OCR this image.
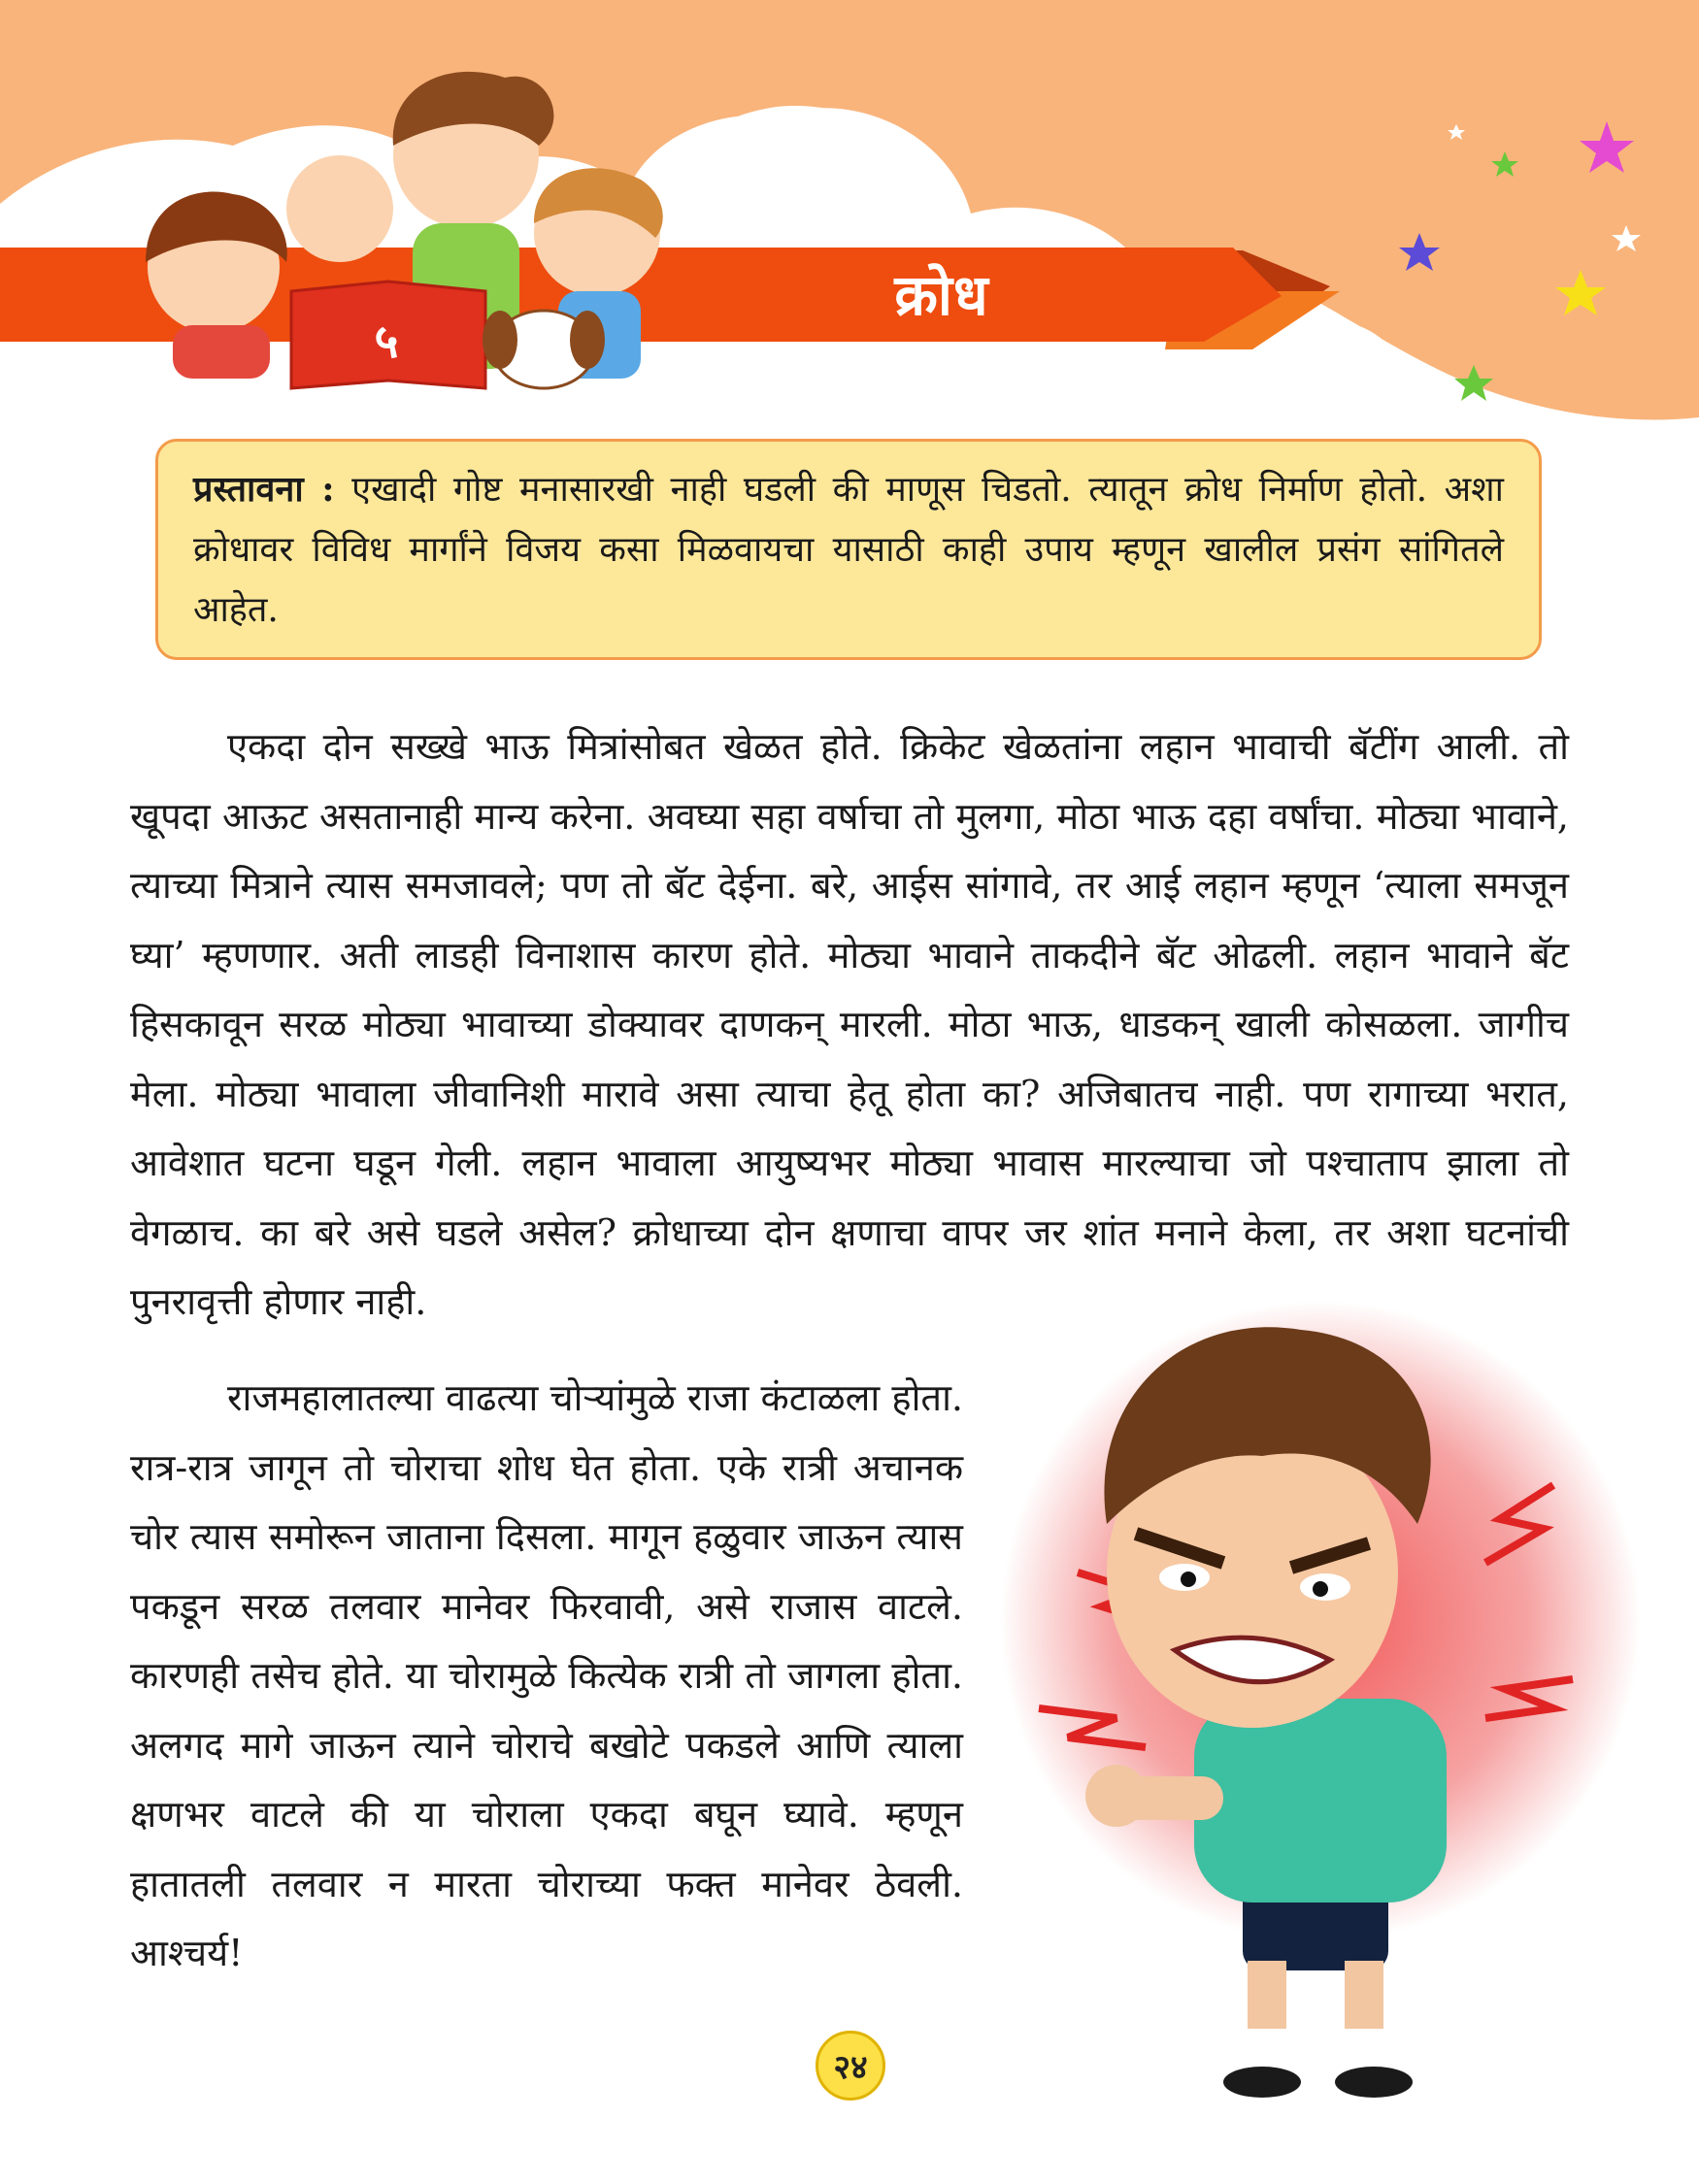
क्रोध
५
प्रस्तावना : एखादी गोष्ट मनासारखी नाही घडली की माणूस चिडतो. त्यातून क्रोध निर्माण होतो. अशा क्रोधावर विविध मार्गांने विजय कसा मिळवायचा यासाठी काही उपाय म्हणून खालील प्रसंग सांगितले आहेत.

एकदा दोन सख्खे भाऊ मित्रांसोबत खेळत होते. क्रिकेट खेळतांना लहान भावाची बॅटींग आली. तो खूपदा आऊट असतानाही मान्य करेना. अवघ्या सहा वर्षाचा तो मुलगा, मोठा भाऊ दहा वर्षांचा. मोठ्या भावाने, त्याच्या मित्राने त्यास समजावले; पण तो बॅट देईना. बरे, आईस सांगावे, तर आई लहान म्हणून ‘त्याला समजून घ्या’ म्हणणार. अती लाडही विनाशास कारण होते. मोठ्या भावाने ताकदीने बॅट ओढली. लहान भावाने बॅट हिसकावून सरळ मोठ्या भावाच्या डोक्यावर दाणकन् मारली. मोठा भाऊ, धाडकन् खाली कोसळला. जागीच मेला. मोठ्या भावाला जीवानिशी मारावे असा त्याचा हेतू होता का? अजिबातच नाही. पण रागाच्या भरात, आवेशात घटना घडून गेली. लहान भावाला आयुष्यभर मोठ्या भावास मारल्याचा जो पश्चाताप झाला तो वेगळाच. का बरे असे घडले असेल? क्रोधाच्या दोन क्षणाचा वापर जर शांत मनाने केला, तर अशा घटनांची पुनरावृत्ती होणार नाही.

राजमहालातल्या वाढत्या चोऱ्यांमुळे राजा कंटाळला होता. रात्र-रात्र जागून तो चोराचा शोध घेत होता. एके रात्री अचानक चोर त्यास समोरून जाताना दिसला. मागून हळुवार जाऊन त्यास पकडून सरळ तलवार मानेवर फिरवावी, असे राजास वाटले. कारणही तसेच होते. या चोरामुळे कित्येक रात्री तो जागला होता. अलगद मागे जाऊन त्याने चोराचे बखोटे पकडले आणि त्याला क्षणभर वाटले की या चोराला एकदा बघून घ्यावे. म्हणून हातातली तलवार न मारता चोराच्या फक्त मानेवर ठेवली. आश्चर्य!

२४
